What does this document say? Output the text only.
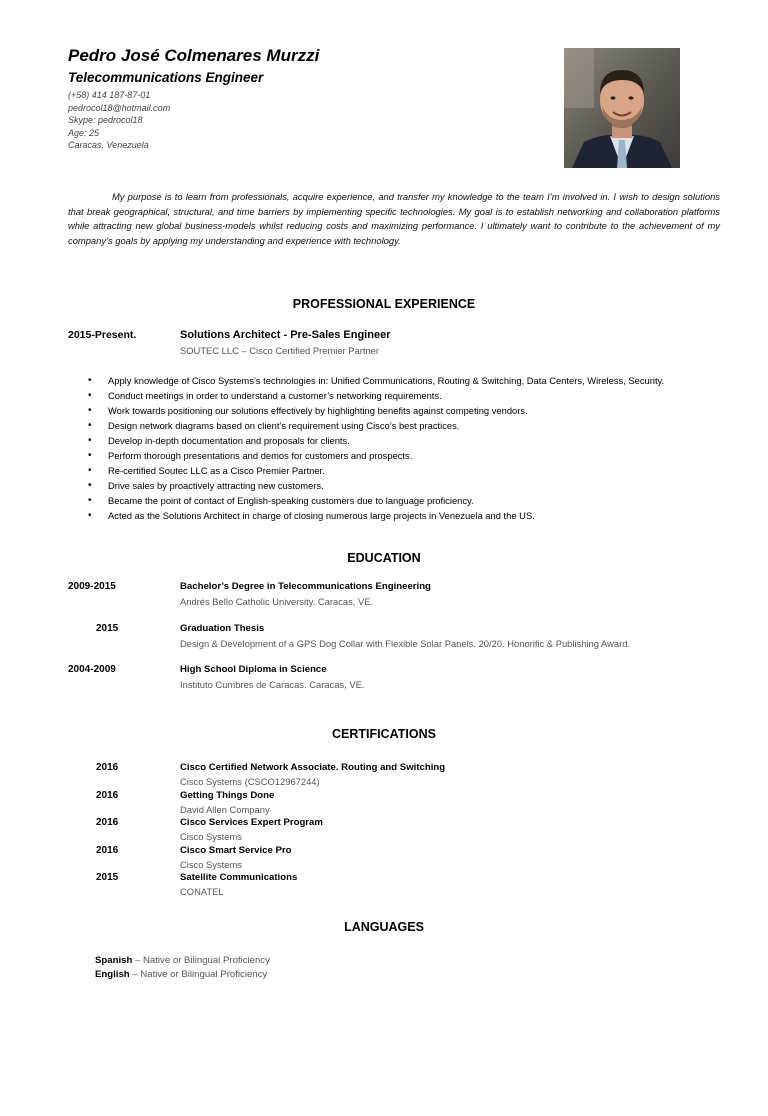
Pedro José Colmenares Murzzi
Telecommunications Engineer
(+58) 414 187-87-01
pedrocol18@hotmail.com
Skype: pedrocol18
Age: 25
Caracas, Venezuela

My purpose is to learn from professionals, acquire experience, and transfer my knowledge to the team I’m involved in. I wish to design solutions that break geographical, structural, and time barriers by implementing specific technologies. My goal is to establish networking and collaboration platforms while attracting new global business-models whilst reducing costs and maximizing performance. I ultimately want to contribute to the achievement of my company’s goals by applying my understanding and experience with technology.

PROFESSIONAL EXPERIENCE
2015-Present.	Solutions Architect - Pre-Sales Engineer
SOUTEC LLC – Cisco Certified Premier Partner
• Apply knowledge of Cisco Systems’s technologies in: Unified Communications, Routing & Switching, Data Centers, Wireless, Security.
• Conduct meetings in order to understand a customer’s networking requirements.
• Work towards positioning our solutions effectively by highlighting benefits against competing vendors.
• Design network diagrams based on client’s requirement using Cisco’s best practices.
• Develop in-depth documentation and proposals for clients.
• Perform thorough presentations and demos for customers and prospects.
• Re-certified Soutec LLC as a Cisco Premier Partner.
• Drive sales by proactively attracting new customers.
• Became the point of contact of English-speaking customers due to language proficiency.
• Acted as the Solutions Architect in charge of closing numerous large projects in Venezuela and the US.
EDUCATION
2009-2015	Bachelor’s Degree in Telecommunications Engineering
Andrés Bello Catholic University. Caracas, VE.
2015	Graduation Thesis
Design & Development of a GPS Dog Collar with Flexible Solar Panels. 20/20. Honorific & Publishing Award.
2004-2009	High School Diploma in Science
Instituto Cumbres de Caracas. Caracas, VE.
CERTIFICATIONS
2016	Cisco Certified Network Associate. Routing and Switching
Cisco Systems (CSCO12967244)
2016	Getting Things Done
David Allen Company
2016	Cisco Services Expert Program
Cisco Systems
2016	Cisco Smart Service Pro
Cisco Systems
2015	Satellite Communications
CONATEL
LANGUAGES
Spanish – Native or Bilingual Proficiency
English – Native or Bilingual Proficiency
